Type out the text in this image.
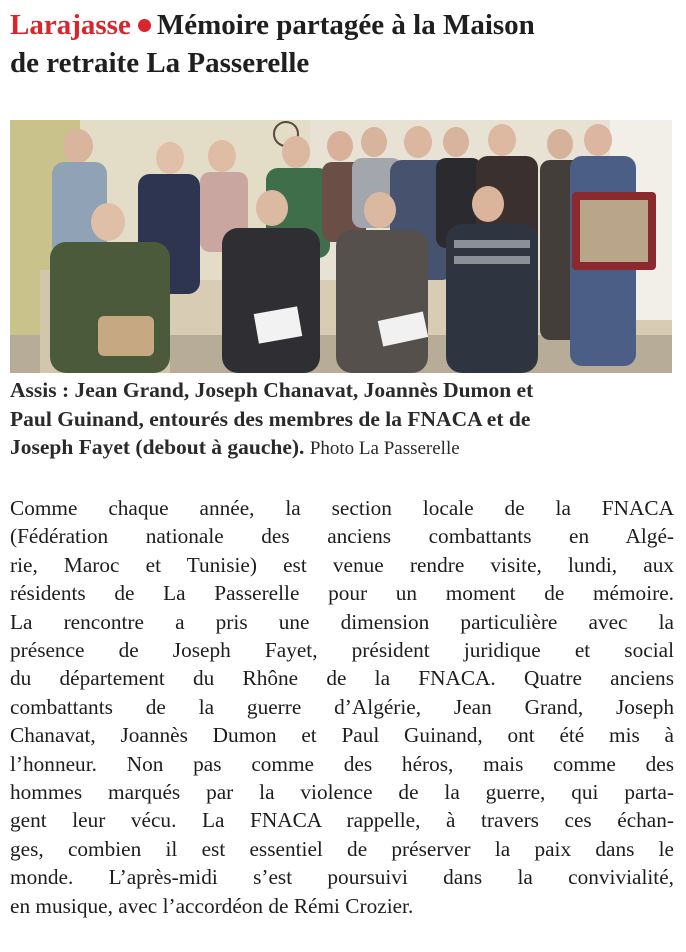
Larajasse Mémoire partagée à la Maison
de retraite La Passerelle
Assis : Jean Grand, Joseph Chanavat, Joannès Dumon et
Paul Guinand, entourés des membres de la FNACA et de
Joseph Fayet (debout à gauche). Photo La Passerelle
Comme chaque année, la section locale de la FNACA
(Fédération nationale des anciens combattants en Algé-
rie, Maroc et Tunisie) est venue rendre visite, lundi, aux
résidents de La Passerelle pour un moment de mémoire.
La rencontre a pris une dimension particulière avec la
présence de Joseph Fayet, président juridique et social
du département du Rhône de la FNACA. Quatre anciens
combattants de la guerre d’Algérie, Jean Grand, Joseph
Chanavat, Joannès Dumon et Paul Guinand, ont été mis à
l’honneur. Non pas comme des héros, mais comme des
hommes marqués par la violence de la guerre, qui parta-
gent leur vécu. La FNACA rappelle, à travers ces échan-
ges, combien il est essentiel de préserver la paix dans le
monde. L’après-midi s’est poursuivi dans la convivialité,
en musique, avec l’accordéon de Rémi Crozier.
